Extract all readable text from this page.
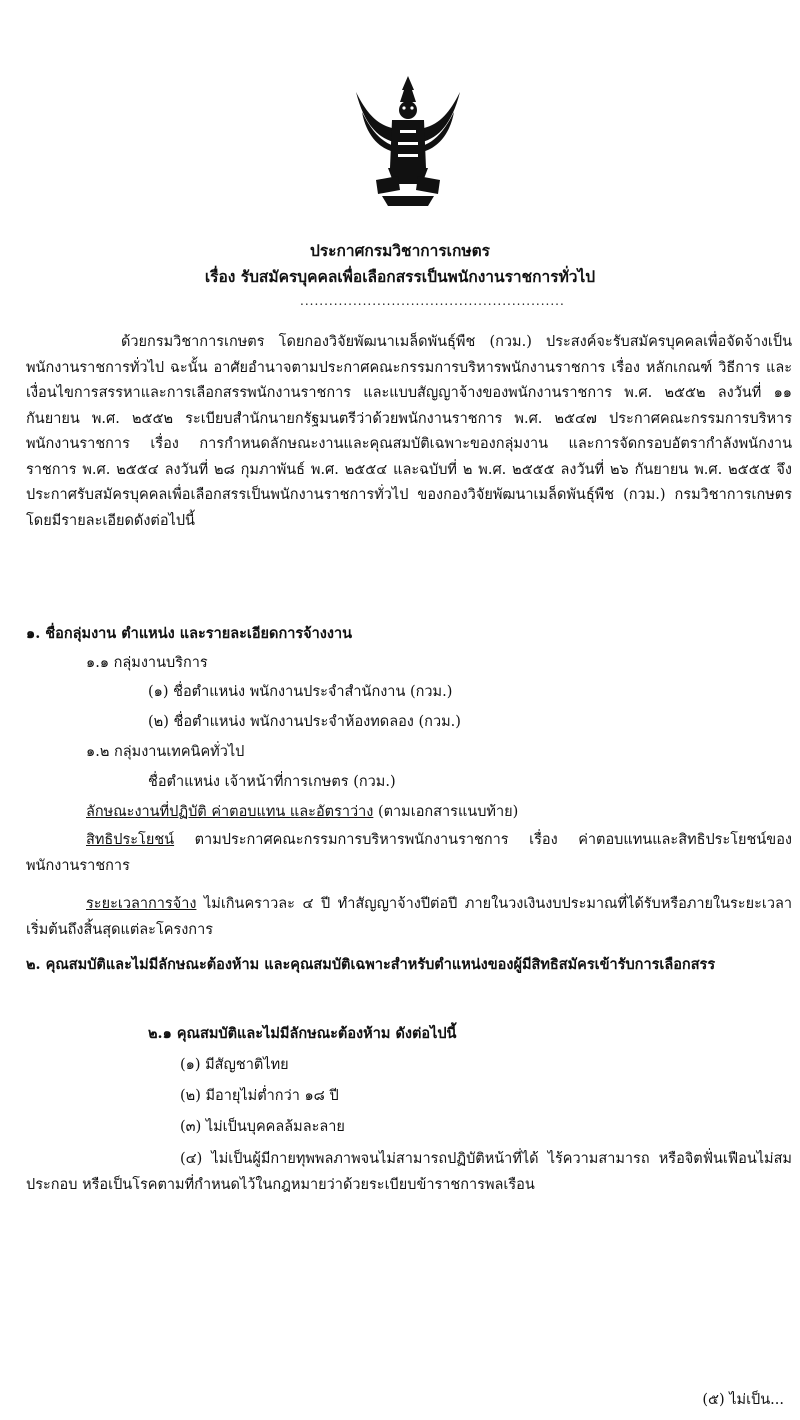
ประกาศกรมวิชาการเกษตร
เรื่อง รับสมัครบุคคลเพื่อเลือกสรรเป็นพนักงานราชการทั่วไป
.......................................................

ด้วยกรมวิชาการเกษตร โดยกองวิจัยพัฒนาเมล็ดพันธุ์พืช (กวม.) ประสงค์จะรับสมัครบุคคลเพื่อจัดจ้างเป็นพนักงานราชการทั่วไป ฉะนั้น อาศัยอำนาจตามประกาศคณะกรรมการบริหารพนักงานราชการ เรื่อง หลักเกณฑ์ วิธีการ และเงื่อนไขการสรรหาและการเลือกสรรพนักงานราชการ และแบบสัญญาจ้างของพนักงานราชการ พ.ศ. ๒๕๕๒ ลงวันที่ ๑๑ กันยายน พ.ศ. ๒๕๕๒ ระเบียบสำนักนายกรัฐมนตรีว่าด้วยพนักงานราชการ พ.ศ. ๒๕๔๗ ประกาศคณะกรรมการบริหารพนักงานราชการ เรื่อง การกำหนดลักษณะงานและคุณสมบัติเฉพาะของกลุ่มงาน และการจัดกรอบอัตรากำลังพนักงานราชการ พ.ศ. ๒๕๕๔ ลงวันที่ ๒๘ กุมภาพันธ์ พ.ศ. ๒๕๕๔ และฉบับที่ ๒ พ.ศ. ๒๕๕๕ ลงวันที่ ๒๖ กันยายน พ.ศ. ๒๕๕๕ จึงประกาศรับสมัครบุคคลเพื่อเลือกสรรเป็นพนักงานราชการทั่วไป ของกองวิจัยพัฒนาเมล็ดพันธุ์พืช (กวม.) กรมวิชาการเกษตร โดยมีรายละเอียดดังต่อไปนี้

๑. ชื่อกลุ่มงาน ตำแหน่ง และรายละเอียดการจ้างงาน
๑.๑ กลุ่มงานบริการ
(๑) ชื่อตำแหน่ง พนักงานประจำสำนักงาน (กวม.)
(๒) ชื่อตำแหน่ง พนักงานประจำห้องทดลอง (กวม.)
๑.๒ กลุ่มงานเทคนิคทั่วไป
ชื่อตำแหน่ง เจ้าหน้าที่การเกษตร (กวม.)
ลักษณะงานที่ปฏิบัติ ค่าตอบแทน และอัตราว่าง (ตามเอกสารแนบท้าย)

สิทธิประโยชน์ ตามประกาศคณะกรรมการบริหารพนักงานราชการ เรื่อง ค่าตอบแทนและสิทธิประโยชน์ของพนักงานราชการ

ระยะเวลาการจ้าง ไม่เกินคราวละ ๔ ปี ทำสัญญาจ้างปีต่อปี ภายในวงเงินงบประมาณที่ได้รับหรือภายในระยะเวลาเริ่มต้นถึงสิ้นสุดแต่ละโครงการ

๒. คุณสมบัติและไม่มีลักษณะต้องห้าม และคุณสมบัติเฉพาะสำหรับตำแหน่งของผู้มีสิทธิสมัครเข้ารับการเลือกสรร

๒.๑ คุณสมบัติและไม่มีลักษณะต้องห้าม ดังต่อไปนี้
(๑) มีสัญชาติไทย
(๒) มีอายุไม่ต่ำกว่า ๑๘ ปี
(๓) ไม่เป็นบุคคลล้มละลาย

(๔) ไม่เป็นผู้มีกายทุพพลภาพจนไม่สามารถปฏิบัติหน้าที่ได้ ไร้ความสามารถ หรือจิตฟั่นเฟือนไม่สมประกอบ หรือเป็นโรคตามที่กำหนดไว้ในกฎหมายว่าด้วยระเบียบข้าราชการพลเรือน

(๕) ไม่เป็น...
